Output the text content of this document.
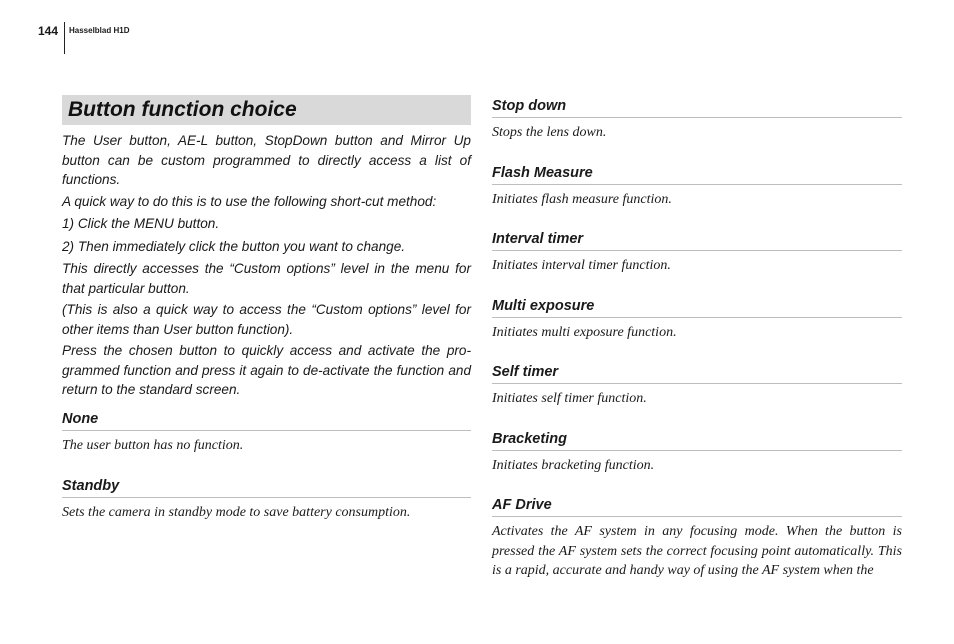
144 Hasselblad H1D
Button function choice

The User button, AE-L button, StopDown button and Mirror Up button can be custom programmed to directly access a list of functions.

A quick way to do this is to use the following short-cut method:

1) Click the MENU button.

2) Then immediately click the button you want to change.

This directly accesses the “Custom options” level in the menu for that particular button.

(This is also a quick way to access the “Custom options” level for other items than User button function).

Press the chosen button to quickly access and activate the pro-grammed function and press it again to de-activate the function and return to the standard screen.

None

The user button has no function.

Standby

Sets the camera in standby mode to save battery consumption.

Stop down

Stops the lens down.

Flash Measure

Initiates flash measure function.

Interval timer

Initiates interval timer function.

Multi exposure

Initiates multi exposure function.

Self timer

Initiates self timer function.

Bracketing

Initiates bracketing function.

AF Drive

Activates the AF system in any focusing mode. When the button is pressed the AF system sets the correct focusing point automatically. This is a rapid, accurate and handy way of using the AF system when the
